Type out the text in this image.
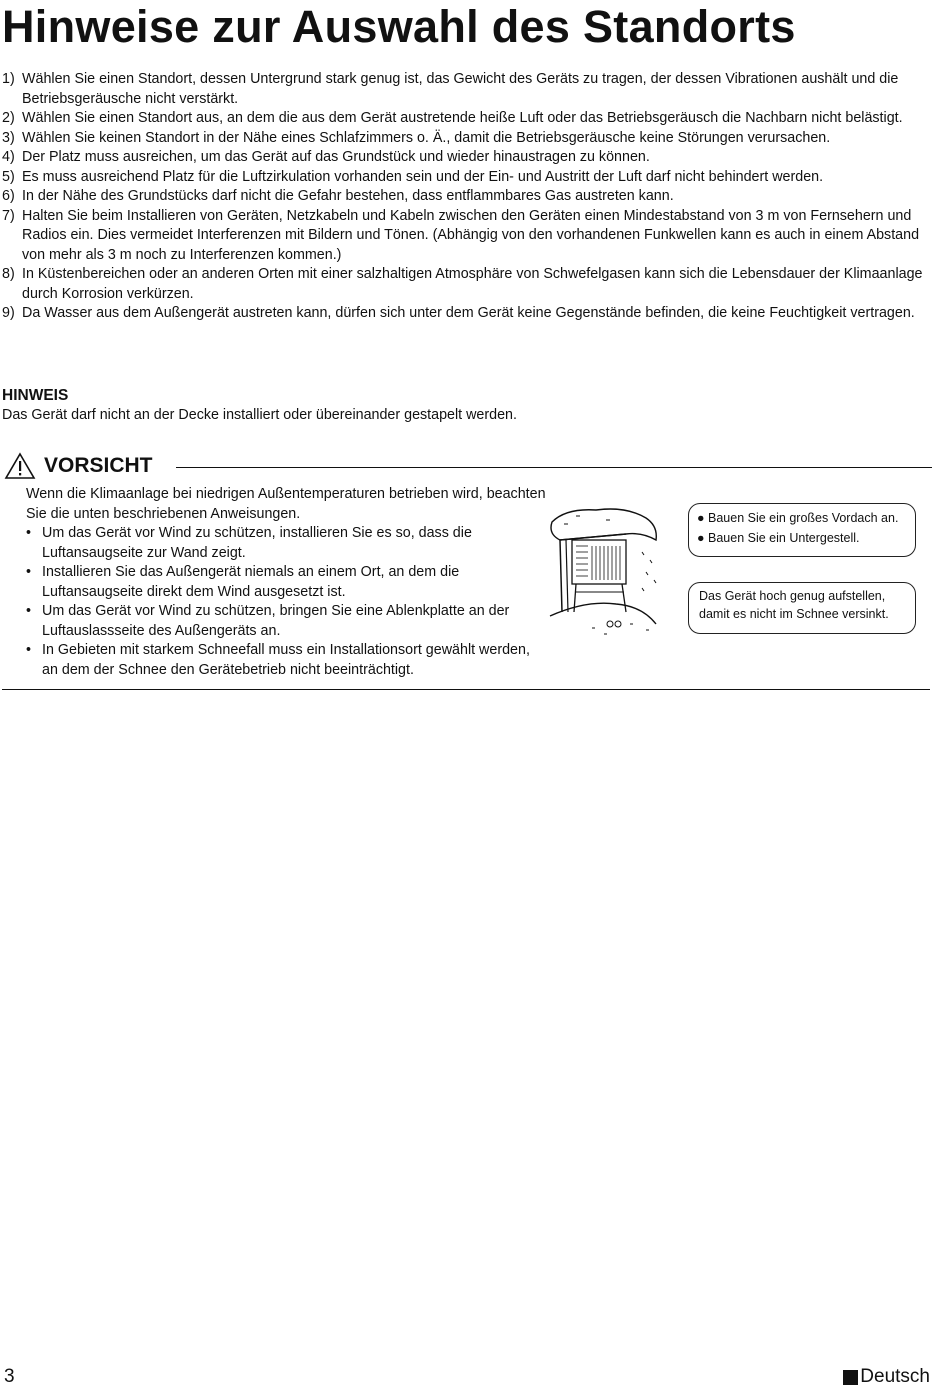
Hinweise zur Auswahl des Standorts
1) Wählen Sie einen Standort, dessen Untergrund stark genug ist, das Gewicht des Geräts zu tragen, der dessen Vibrationen aushält und die Betriebsgeräusche nicht verstärkt.
2) Wählen Sie einen Standort aus, an dem die aus dem Gerät austretende heiße Luft oder das Betriebsgeräusch die Nachbarn nicht belästigt.
3) Wählen Sie keinen Standort in der Nähe eines Schlafzimmers o. Ä., damit die Betriebsgeräusche keine Störungen verursachen.
4) Der Platz muss ausreichen, um das Gerät auf das Grundstück und wieder hinaustragen zu können.
5) Es muss ausreichend Platz für die Luftzirkulation vorhanden sein und der Ein- und Austritt der Luft darf nicht behindert werden.
6) In der Nähe des Grundstücks darf nicht die Gefahr bestehen, dass entflammbares Gas austreten kann.
7) Halten Sie beim Installieren von Geräten, Netzkabeln und Kabeln zwischen den Geräten einen Mindestabstand von 3 m von Fernsehern und Radios ein. Dies vermeidet Interferenzen mit Bildern und Tönen. (Abhängig von den vorhandenen Funkwellen kann es auch in einem Abstand von mehr als 3 m noch zu Interferenzen kommen.)
8) In Küstenbereichen oder an anderen Orten mit einer salzhaltigen Atmosphäre von Schwefelgasen kann sich die Lebensdauer der Klimaanlage durch Korrosion verkürzen.
9) Da Wasser aus dem Außengerät austreten kann, dürfen sich unter dem Gerät keine Gegenstände befinden, die keine Feuchtigkeit vertragen.
HINWEIS
Das Gerät darf nicht an der Decke installiert oder übereinander gestapelt werden.
VORSICHT
Wenn die Klimaanlage bei niedrigen Außentemperaturen betrieben wird, beachten Sie die unten beschriebenen Anweisungen.
• Um das Gerät vor Wind zu schützen, installieren Sie es so, dass die Luftansaugseite zur Wand zeigt.
• Installieren Sie das Außengerät niemals an einem Ort, an dem die Luftansaugseite direkt dem Wind ausgesetzt ist.
• Um das Gerät vor Wind zu schützen, bringen Sie eine Ablenkplatte an der Luftauslassseite des Außengeräts an.
• In Gebieten mit starkem Schneefall muss ein Installationsort gewählt werden, an dem der Schnee den Gerätebetrieb nicht beeinträchtigt.
● Bauen Sie ein großes Vordach an.
● Bauen Sie ein Untergestell.
Das Gerät hoch genug aufstellen, damit es nicht im Schnee versinkt.
3	Deutsch
